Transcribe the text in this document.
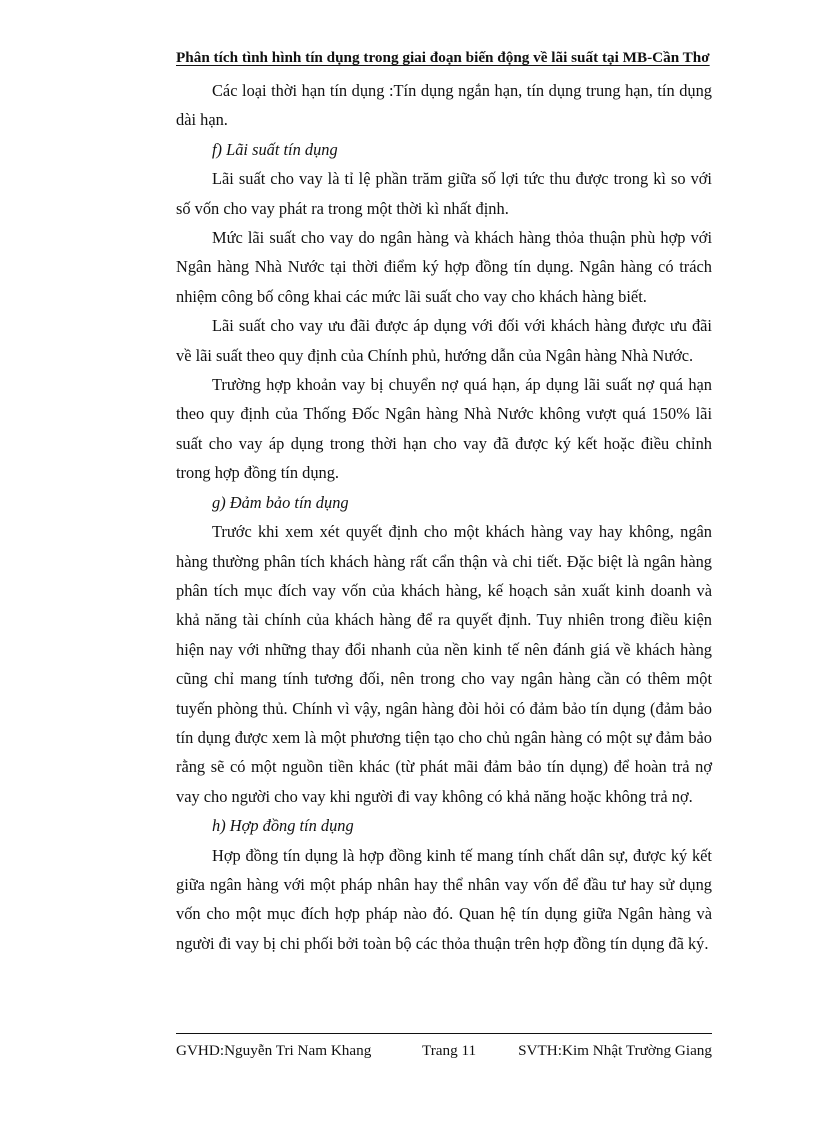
Phân tích tình hình tín dụng trong giai đoạn biến động về lãi suất tại MB-Cần Thơ

Các loại thời hạn tín dụng :Tín dụng ngắn hạn, tín dụng trung hạn, tín dụng dài hạn.

f) Lãi suất tín dụng

Lãi suất cho vay là tỉ lệ phần trăm giữa số lợi tức thu được trong kì so với số vốn cho vay phát ra trong một thời kì nhất định.

Mức lãi suất cho vay do ngân hàng và khách hàng thỏa thuận phù hợp với Ngân hàng Nhà Nước tại thời điểm ký hợp đồng tín dụng. Ngân hàng có trách nhiệm công bố công khai các mức lãi suất cho vay cho khách hàng biết.

Lãi suất cho vay ưu đãi được áp dụng với đối với khách hàng được ưu đãi về lãi suất theo quy định của Chính phủ, hướng dẫn của Ngân hàng Nhà Nước.

Trường hợp khoản vay bị chuyển nợ quá hạn, áp dụng lãi suất nợ quá hạn theo quy định của Thống Đốc Ngân hàng Nhà Nước không vượt quá 150% lãi suất cho vay áp dụng trong thời hạn cho vay đã được ký kết hoặc điều chỉnh trong hợp đồng tín dụng.

g) Đảm bảo tín dụng

Trước khi xem xét quyết định cho một khách hàng vay hay không, ngân hàng thường phân tích khách hàng rất cẩn thận và chi tiết. Đặc biệt là ngân hàng phân tích mục đích vay vốn của khách hàng, kế hoạch sản xuất kinh doanh và khả năng tài chính của khách hàng để ra quyết định. Tuy nhiên trong điều kiện hiện nay với những thay đổi nhanh của nền kinh tế nên đánh giá về khách hàng cũng chỉ mang tính tương đối, nên trong cho vay ngân hàng cần có thêm một tuyến phòng thủ. Chính vì vậy, ngân hàng đòi hỏi có đảm bảo tín dụng (đảm bảo tín dụng được xem là một phương tiện tạo cho chủ ngân hàng có một sự đảm bảo rằng sẽ có một nguồn tiền khác (từ phát mãi đảm bảo tín dụng) để hoàn trả nợ vay cho người cho vay khi người đi vay không có khả năng hoặc không trả nợ.

h) Hợp đồng tín dụng

Hợp đồng tín dụng là hợp đồng kinh tế mang tính chất dân sự, được ký kết giữa ngân hàng với một pháp nhân hay thể nhân vay vốn để đầu tư hay sử dụng vốn cho một mục đích hợp pháp nào đó. Quan hệ tín dụng giữa Ngân hàng và người đi vay bị chi phối bởi toàn bộ các thỏa thuận trên hợp đồng tín dụng đã ký.

GVHD:Nguyễn Tri Nam Khang	Trang 11	SVTH:Kim Nhật Trường Giang
